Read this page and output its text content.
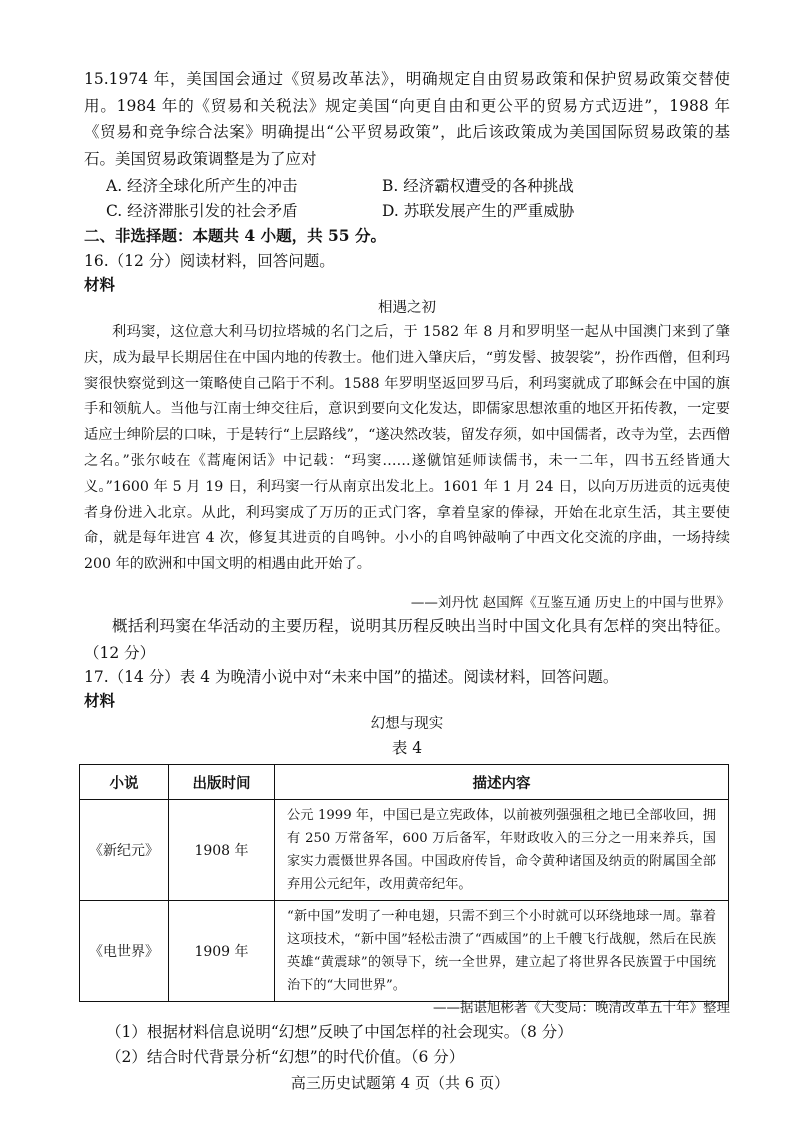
15.1974 年，美国国会通过《贸易改革法》，明确规定自由贸易政策和保护贸易政策交替使用。1984 年的《贸易和关税法》规定美国“向更自由和更公平的贸易方式迈进”，1988 年《贸易和竞争综合法案》明确提出“公平贸易政策”，此后该政策成为美国国际贸易政策的基石。美国贸易政策调整是为了应对
A. 经济全球化所产生的冲击	B. 经济霸权遭受的各种挑战
C. 经济滞胀引发的社会矛盾	D. 苏联发展产生的严重威胁
二、非选择题：本题共 4 小题，共 55 分。
16.（12 分）阅读材料，回答问题。
材料
相遇之初
利玛窦，这位意大利马切拉塔城的名门之后，于 1582 年 8 月和罗明坚一起从中国澳门来到了肇庆，成为最早长期居住在中国内地的传教士。他们进入肇庆后，“剪发髻、披袈裟”，扮作西僧，但利玛窦很快察觉到这一策略使自己陷于不利。1588 年罗明坚返回罗马后，利玛窦就成了耶稣会在中国的旗手和领航人。当他与江南士绅交往后，意识到要向文化发达，即儒家思想浓重的地区开拓传教，一定要适应士绅阶层的口味，于是转行“上层路线”，“遂决然改装，留发存须，如中国儒者，改寺为堂，去西僧之名。”张尔岐在《蒿庵闲话》中记载：“玛窦……遂僦馆延师读儒书，未一二年，四书五经皆通大义。”1600 年 5 月 19 日，利玛窦一行从南京出发北上。1601 年 1 月 24 日，以向万历进贡的远夷使者身份进入北京。从此，利玛窦成了万历的正式门客，拿着皇家的俸禄，开始在北京生活，其主要使命，就是每年进宫 4 次，修复其进贡的自鸣钟。小小的自鸣钟敲响了中西文化交流的序曲，一场持续200 年的欧洲和中国文明的相遇由此开始了。
——刘丹忱 赵国辉《互鉴互通 历史上的中国与世界》
概括利玛窦在华活动的主要历程，说明其历程反映出当时中国文化具有怎样的突出特征。（12 分）
17.（14 分）表 4 为晚清小说中对“未来中国”的描述。阅读材料，回答问题。
材料
幻想与现实
表 4
小说	出版时间	描述内容
《新纪元》	1908 年	公元 1999 年，中国已是立宪政体，以前被列强强租之地已全部收回，拥有 250 万常备军，600 万后备军，年财政收入的三分之一用来养兵，国家实力震慑世界各国。中国政府传旨，命令黄种诸国及纳贡的附属国全部弃用公元纪年，改用黄帝纪年。
《电世界》	1909 年	“新中国”发明了一种电翅，只需不到三个小时就可以环绕地球一周。靠着这项技术，“新中国”轻松击溃了“西威国”的上千艘飞行战舰，然后在民族英雄“黄震球”的领导下，统一全世界，建立起了将世界各民族置于中国统治下的“大同世界”。
——据谌旭彬著《大变局：晚清改革五十年》整理
（1）根据材料信息说明“幻想”反映了中国怎样的社会现实。（8 分）
（2）结合时代背景分析“幻想”的时代价值。（6 分）
高三历史试题第 4 页（共 6 页）
